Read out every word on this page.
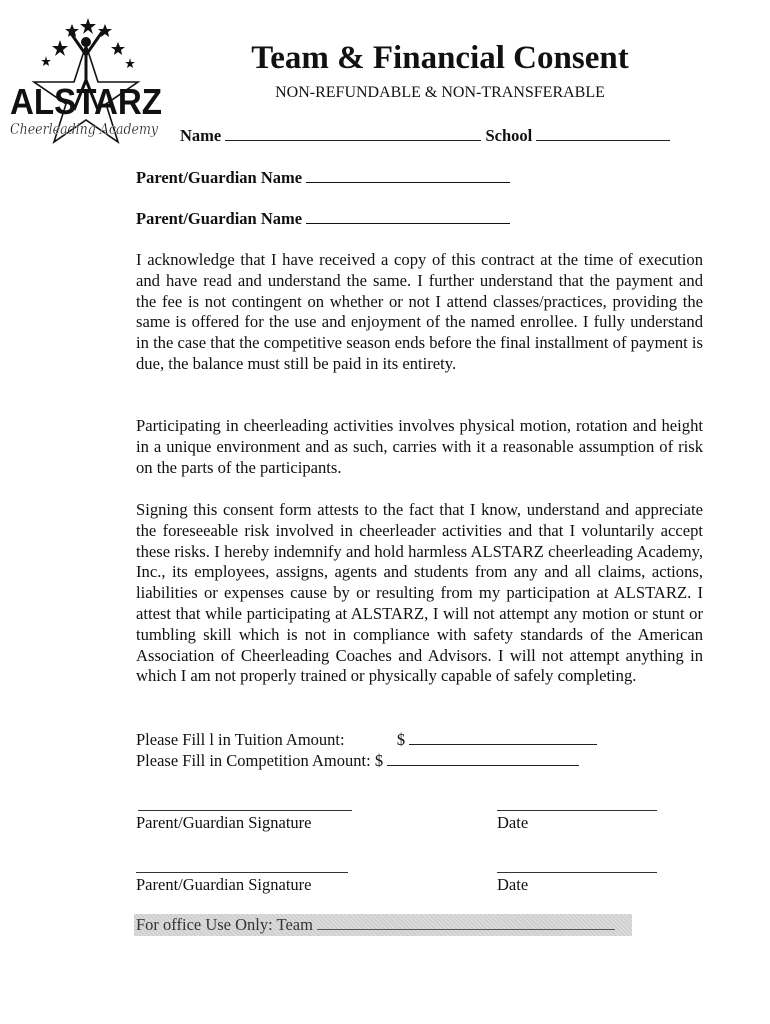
ALSTARZ
Cheerleading Academy
Team & Financial Consent
NON-REFUNDABLE & NON-TRANSFERABLE
Name	School
Parent/Guardian Name
Parent/Guardian Name

I acknowledge that I have received a copy of this contract at the time of execution and have read and understand the same. I further understand that the payment and the fee is not contingent on whether or not I attend classes/practices, providing the same is offered for the use and enjoyment of the named enrollee. I fully understand in the case that the competitive season ends before the final installment of payment is due, the balance must still be paid in its entirety.

Participating in cheerleading activities involves physical motion, rotation and height in a unique environment and as such, carries with it a reasonable assumption of risk on the parts of the participants.

Signing this consent form attests to the fact that I know, understand and appreciate the foreseeable risk involved in cheerleader activities and that I voluntarily accept these risks. I hereby indemnify and hold harmless ALSTARZ cheerleading Academy, Inc., its employees, assigns, agents and students from any and all claims, actions, liabilities or expenses cause by or resulting from my participation at ALSTARZ. I attest that while participating at ALSTARZ, I will not attempt any motion or stunt or tumbling skill which is not in compliance with safety standards of the American Association of Cheerleading Coaches and Advisors. I will not attempt anything in which I am not properly trained or physically capable of safely completing.

Please Fill l in Tuition Amount:	$
Please Fill in Competition Amount: $
Parent/Guardian Signature	Date
Parent/Guardian Signature	Date
For office Use Only: Team
